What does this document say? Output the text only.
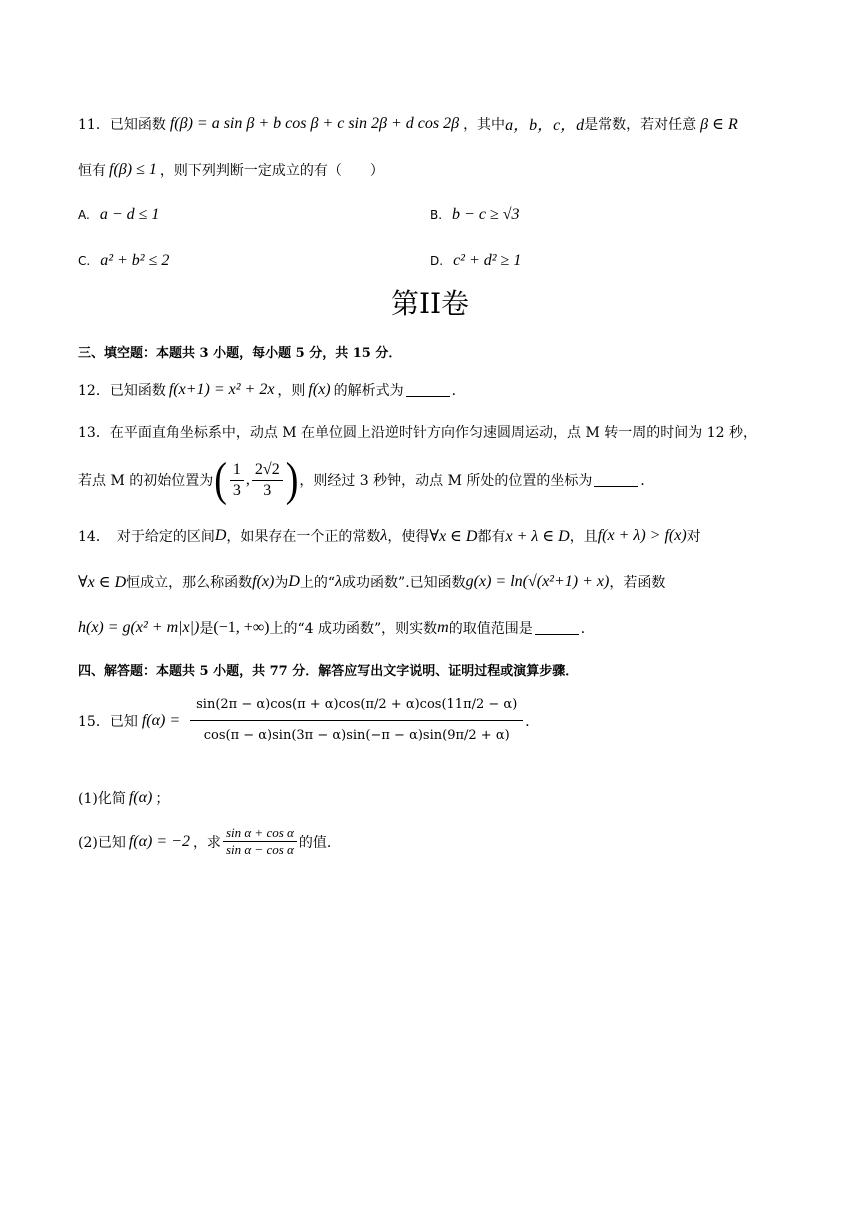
11． 已知函数 f(β) = a sin β + b cos β + c sin 2β + d cos 2β ，其中 a，b，c，d 是常数，若对任意 β ∈ R
恒有 f(β) ≤ 1 ，则下列判断一定成立的有（　　）
A. a − d ≤ 1	B. b − c ≥ √3
C. a² + b² ≤ 2	D. c² + d² ≥ 1
第II卷
三、填空题：本题共 3 小题，每小题 5 分，共 15 分．
12． 已知函数 f(x+1) = x² + 2x ，则 f(x) 的解析式为	．
13．在平面直角坐标系中，动点 M 在单位圆上沿逆时针方向作匀速圆周运动，点 M 转一周的时间为 12 秒，
若点 M 的初始位置为 ( $\frac{1}{3}$ , $\frac{2√2}{3}$ ) ，则经过 3 秒钟，动点 M 所处的位置的坐标为	．
14．　对于给定的区间 D ，如果存在一个正的常数 λ ，使得 ∀x ∈ D 都有 x + λ ∈ D ，且 f(x + λ) > f(x) 对
∀x ∈ D 恒成立，那么称函数 f(x) 为 D 上的“ λ 成功函数”.已知函数 g(x) = ln(√(x²+1) + x) ，若函数
h(x) = g(x² + m|x|) 是 (−1, +∞) 上的“4 成功函数”，则实数 m 的取值范围是	．
四、解答题：本题共 5 小题，共 77 分．解答应写出文字说明、证明过程或演算步骤．
15．已知 $f(\alpha) = \frac{\sin(2\pi - \alpha)\cos(\pi + \alpha)\cos(\pi/2 + \alpha)\cos(11\pi/2 - \alpha)}{\cos(\pi - \alpha)\sin(3\pi - \alpha)\sin(-\pi - \alpha)\sin(9\pi/2 + \alpha)}$ ．
(1)化简 f(α) ；
(2)已知 f(α) = −2 ，求 $\frac{\text{sin α + cos α}}{\text{sin α − cos α}}$ 的值．
